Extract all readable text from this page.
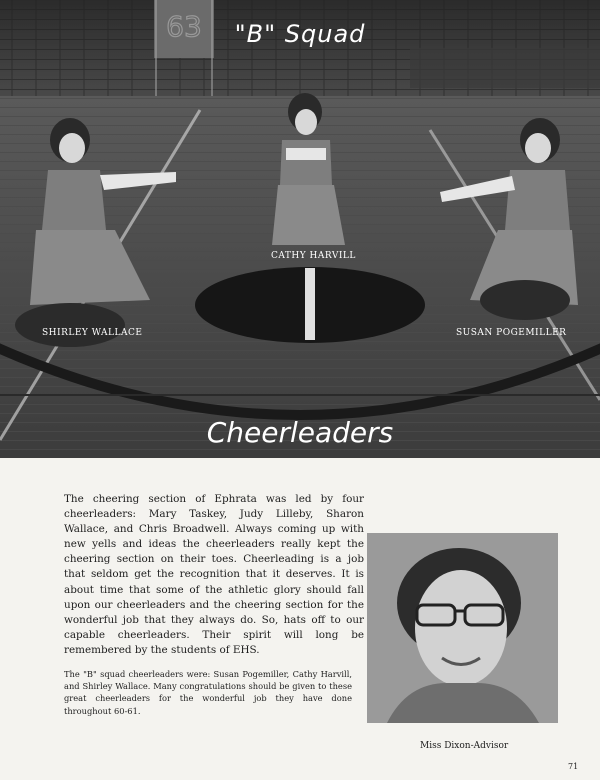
63	"B" Squad
CATHY HARVILL
SHIRLEY WALLACE	SUSAN POGEMILLER
Cheerleaders

The cheering section of Ephrata was led by four cheerleaders: Mary Taskey, Judy Lilleby, Sharon Wallace, and Chris Broadwell. Always coming up with new yells and ideas the cheerleaders really kept the cheering section on their toes. Cheerleading is a job that seldom get the recognition that it deserves. It is about time that some of the athletic glory should fall upon our cheerleaders and the cheering section for the wonderful job that they always do. So, hats off to our capable cheerleaders. Their spirit will long be remembered by the students of EHS.

The "B" squad cheerleaders were: Susan Pogemiller, Cathy Harvill, and Shirley Wallace. Many congratulations should be given to these great cheerleaders for the wonderful job they have done throughout 60-61.

Miss Dixon-Advisor
71
